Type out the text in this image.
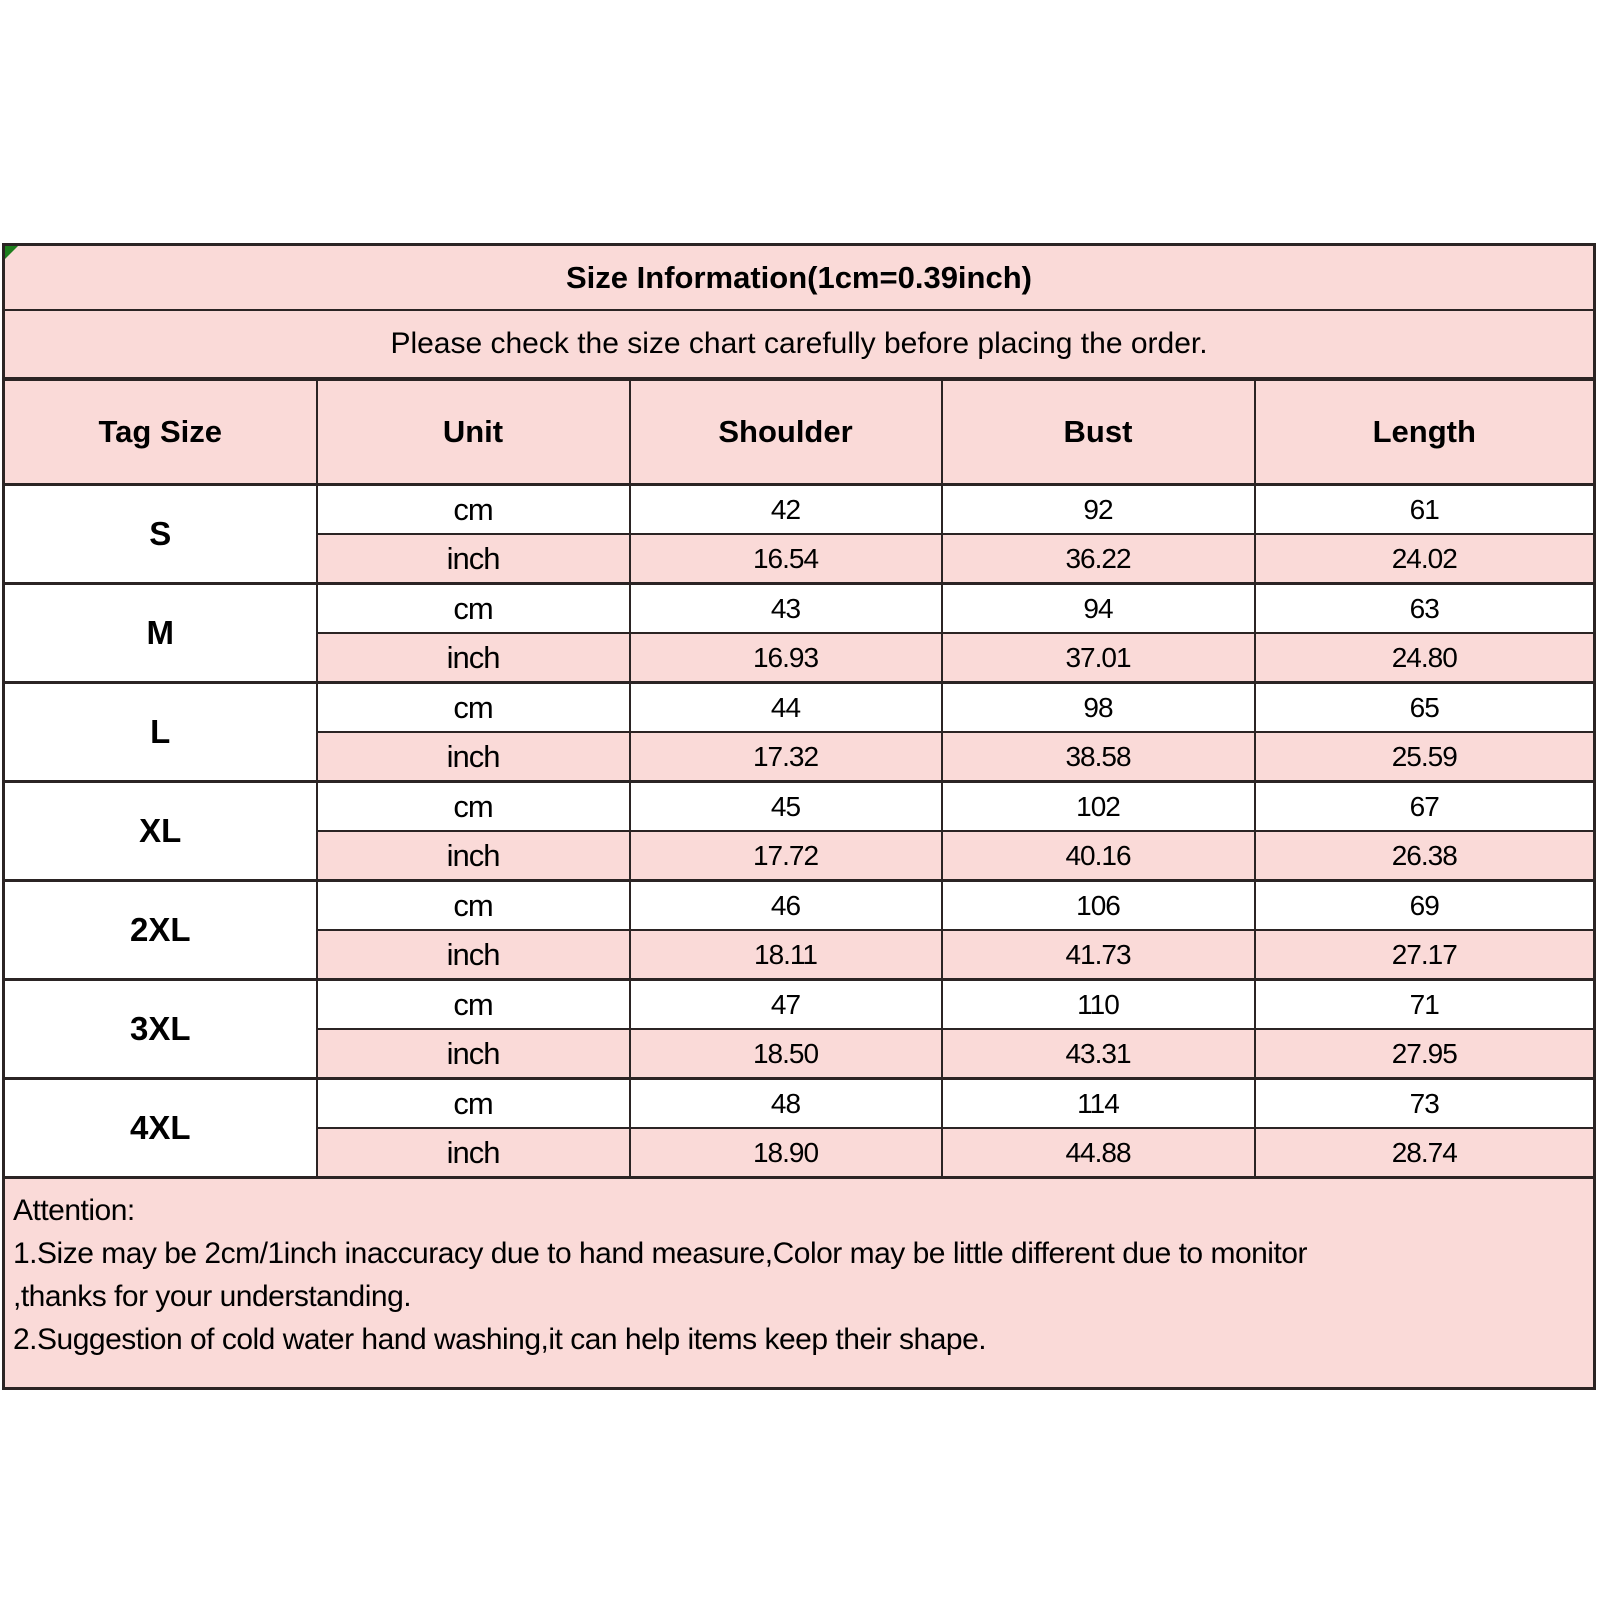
Size Information(1cm=0.39inch)				
Please check the size chart carefully before placing the order.				
Tag Size	Unit	Shoulder	Bust	Length
S	cm	42	92	61
	inch	16.54	36.22	24.02
M	cm	43	94	63
	inch	16.93	37.01	24.80
L	cm	44	98	65
	inch	17.32	38.58	25.59
XL	cm	45	102	67
	inch	17.72	40.16	26.38
2XL	cm	46	106	69
	inch	18.11	41.73	27.17
3XL	cm	47	110	71
	inch	18.50	43.31	27.95
4XL	cm	48	114	73
	inch	18.90	44.88	28.74

Attention:
1.Size may be 2cm/1inch inaccuracy due to hand measure,Color may be little different due to monitor
,thanks for your understanding.
2.Suggestion of cold water hand washing,it can help items keep their shape.				
